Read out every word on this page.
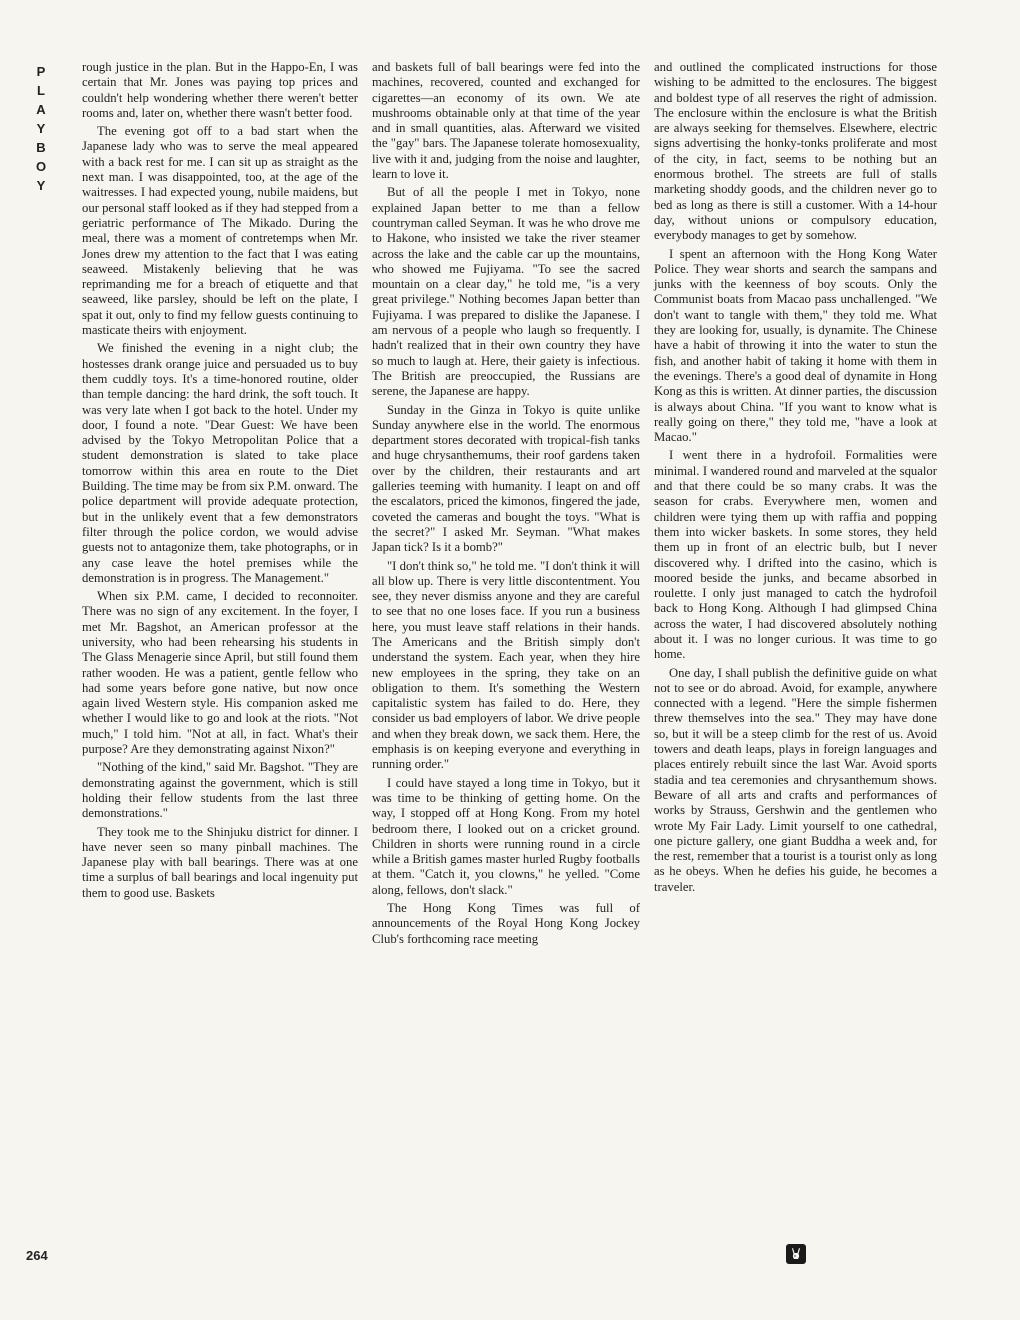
P
L
A
Y
B
O
Y

rough justice in the plan. But in the Happo-En, I was certain that Mr. Jones was paying top prices and couldn't help wondering whether there weren't better rooms and, later on, whether there wasn't better food.

The evening got off to a bad start when the Japanese lady who was to serve the meal appeared with a back rest for me. I can sit up as straight as the next man. I was disappointed, too, at the age of the waitresses. I had expected young, nubile maidens, but our personal staff looked as if they had stepped from a geriatric performance of The Mikado. During the meal, there was a moment of contretemps when Mr. Jones drew my attention to the fact that I was eating seaweed. Mistakenly believing that he was reprimanding me for a breach of etiquette and that seaweed, like parsley, should be left on the plate, I spat it out, only to find my fellow guests continuing to masticate theirs with enjoyment.

We finished the evening in a night club; the hostesses drank orange juice and persuaded us to buy them cuddly toys. It's a time-honored routine, older than temple dancing: the hard drink, the soft touch. It was very late when I got back to the hotel. Under my door, I found a note. "Dear Guest: We have been advised by the Tokyo Metropolitan Police that a student demonstration is slated to take place tomorrow within this area en route to the Diet Building. The time may be from six P.M. onward. The police department will provide adequate protection, but in the unlikely event that a few demonstrators filter through the police cordon, we would advise guests not to antagonize them, take photographs, or in any case leave the hotel premises while the demonstration is in progress. The Management."

When six P.M. came, I decided to reconnoiter. There was no sign of any excitement. In the foyer, I met Mr. Bagshot, an American professor at the university, who had been rehearsing his students in The Glass Menagerie since April, but still found them rather wooden. He was a patient, gentle fellow who had some years before gone native, but now once again lived Western style. His companion asked me whether I would like to go and look at the riots. "Not much," I told him. "Not at all, in fact. What's their purpose? Are they demonstrating against Nixon?"

"Nothing of the kind," said Mr. Bagshot. "They are demonstrating against the government, which is still holding their fellow students from the last three demonstrations."

They took me to the Shinjuku district for dinner. I have never seen so many pinball machines. The Japanese play with ball bearings. There was at one time a surplus of ball bearings and local ingenuity put them to good use. Baskets

and baskets full of ball bearings were fed into the machines, recovered, counted and exchanged for cigarettes—an economy of its own. We ate mushrooms obtainable only at that time of the year and in small quantities, alas. Afterward we visited the "gay" bars. The Japanese tolerate homosexuality, live with it and, judging from the noise and laughter, learn to love it.

But of all the people I met in Tokyo, none explained Japan better to me than a fellow countryman called Seyman. It was he who drove me to Hakone, who insisted we take the river steamer across the lake and the cable car up the mountains, who showed me Fujiyama. "To see the sacred mountain on a clear day," he told me, "is a very great privilege." Nothing becomes Japan better than Fujiyama. I was prepared to dislike the Japanese. I am nervous of a people who laugh so frequently. I hadn't realized that in their own country they have so much to laugh at. Here, their gaiety is infectious. The British are preoccupied, the Russians are serene, the Japanese are happy.

Sunday in the Ginza in Tokyo is quite unlike Sunday anywhere else in the world. The enormous department stores decorated with tropical-fish tanks and huge chrysanthemums, their roof gardens taken over by the children, their restaurants and art galleries teeming with humanity. I leapt on and off the escalators, priced the kimonos, fingered the jade, coveted the cameras and bought the toys. "What is the secret?" I asked Mr. Seyman. "What makes Japan tick? Is it a bomb?"

"I don't think so," he told me. "I don't think it will all blow up. There is very little discontentment. You see, they never dismiss anyone and they are careful to see that no one loses face. If you run a business here, you must leave staff relations in their hands. The Americans and the British simply don't understand the system. Each year, when they hire new employees in the spring, they take on an obligation to them. It's something the Western capitalistic system has failed to do. Here, they consider us bad employers of labor. We drive people and when they break down, we sack them. Here, the emphasis is on keeping everyone and everything in running order."

I could have stayed a long time in Tokyo, but it was time to be thinking of getting home. On the way, I stopped off at Hong Kong. From my hotel bedroom there, I looked out on a cricket ground. Children in shorts were running round in a circle while a British games master hurled Rugby footballs at them. "Catch it, you clowns," he yelled. "Come along, fellows, don't slack."

The Hong Kong Times was full of announcements of the Royal Hong Kong Jockey Club's forthcoming race meeting

and outlined the complicated instructions for those wishing to be admitted to the enclosures. The biggest and boldest type of all reserves the right of admission. The enclosure within the enclosure is what the British are always seeking for themselves. Elsewhere, electric signs advertising the honky-tonks proliferate and most of the city, in fact, seems to be nothing but an enormous brothel. The streets are full of stalls marketing shoddy goods, and the children never go to bed as long as there is still a customer. With a 14-hour day, without unions or compulsory education, everybody manages to get by somehow.

I spent an afternoon with the Hong Kong Water Police. They wear shorts and search the sampans and junks with the keenness of boy scouts. Only the Communist boats from Macao pass unchallenged. "We don't want to tangle with them," they told me. What they are looking for, usually, is dynamite. The Chinese have a habit of throwing it into the water to stun the fish, and another habit of taking it home with them in the evenings. There's a good deal of dynamite in Hong Kong as this is written. At dinner parties, the discussion is always about China. "If you want to know what is really going on there," they told me, "have a look at Macao."

I went there in a hydrofoil. Formalities were minimal. I wandered round and marveled at the squalor and that there could be so many crabs. It was the season for crabs. Everywhere men, women and children were tying them up with raffia and popping them into wicker baskets. In some stores, they held them up in front of an electric bulb, but I never discovered why. I drifted into the casino, which is moored beside the junks, and became absorbed in roulette. I only just managed to catch the hydrofoil back to Hong Kong. Although I had glimpsed China across the water, I had discovered absolutely nothing about it. I was no longer curious. It was time to go home.

One day, I shall publish the definitive guide on what not to see or do abroad. Avoid, for example, anywhere connected with a legend. "Here the simple fishermen threw themselves into the sea." They may have done so, but it will be a steep climb for the rest of us. Avoid towers and death leaps, plays in foreign languages and places entirely rebuilt since the last War. Avoid sports stadia and tea ceremonies and chrysanthemum shows. Beware of all arts and crafts and performances of works by Strauss, Gershwin and the gentlemen who wrote My Fair Lady. Limit yourself to one cathedral, one picture gallery, one giant Buddha a week and, for the rest, remember that a tourist is a tourist only as long as he obeys. When he defies his guide, he becomes a traveler.

264
